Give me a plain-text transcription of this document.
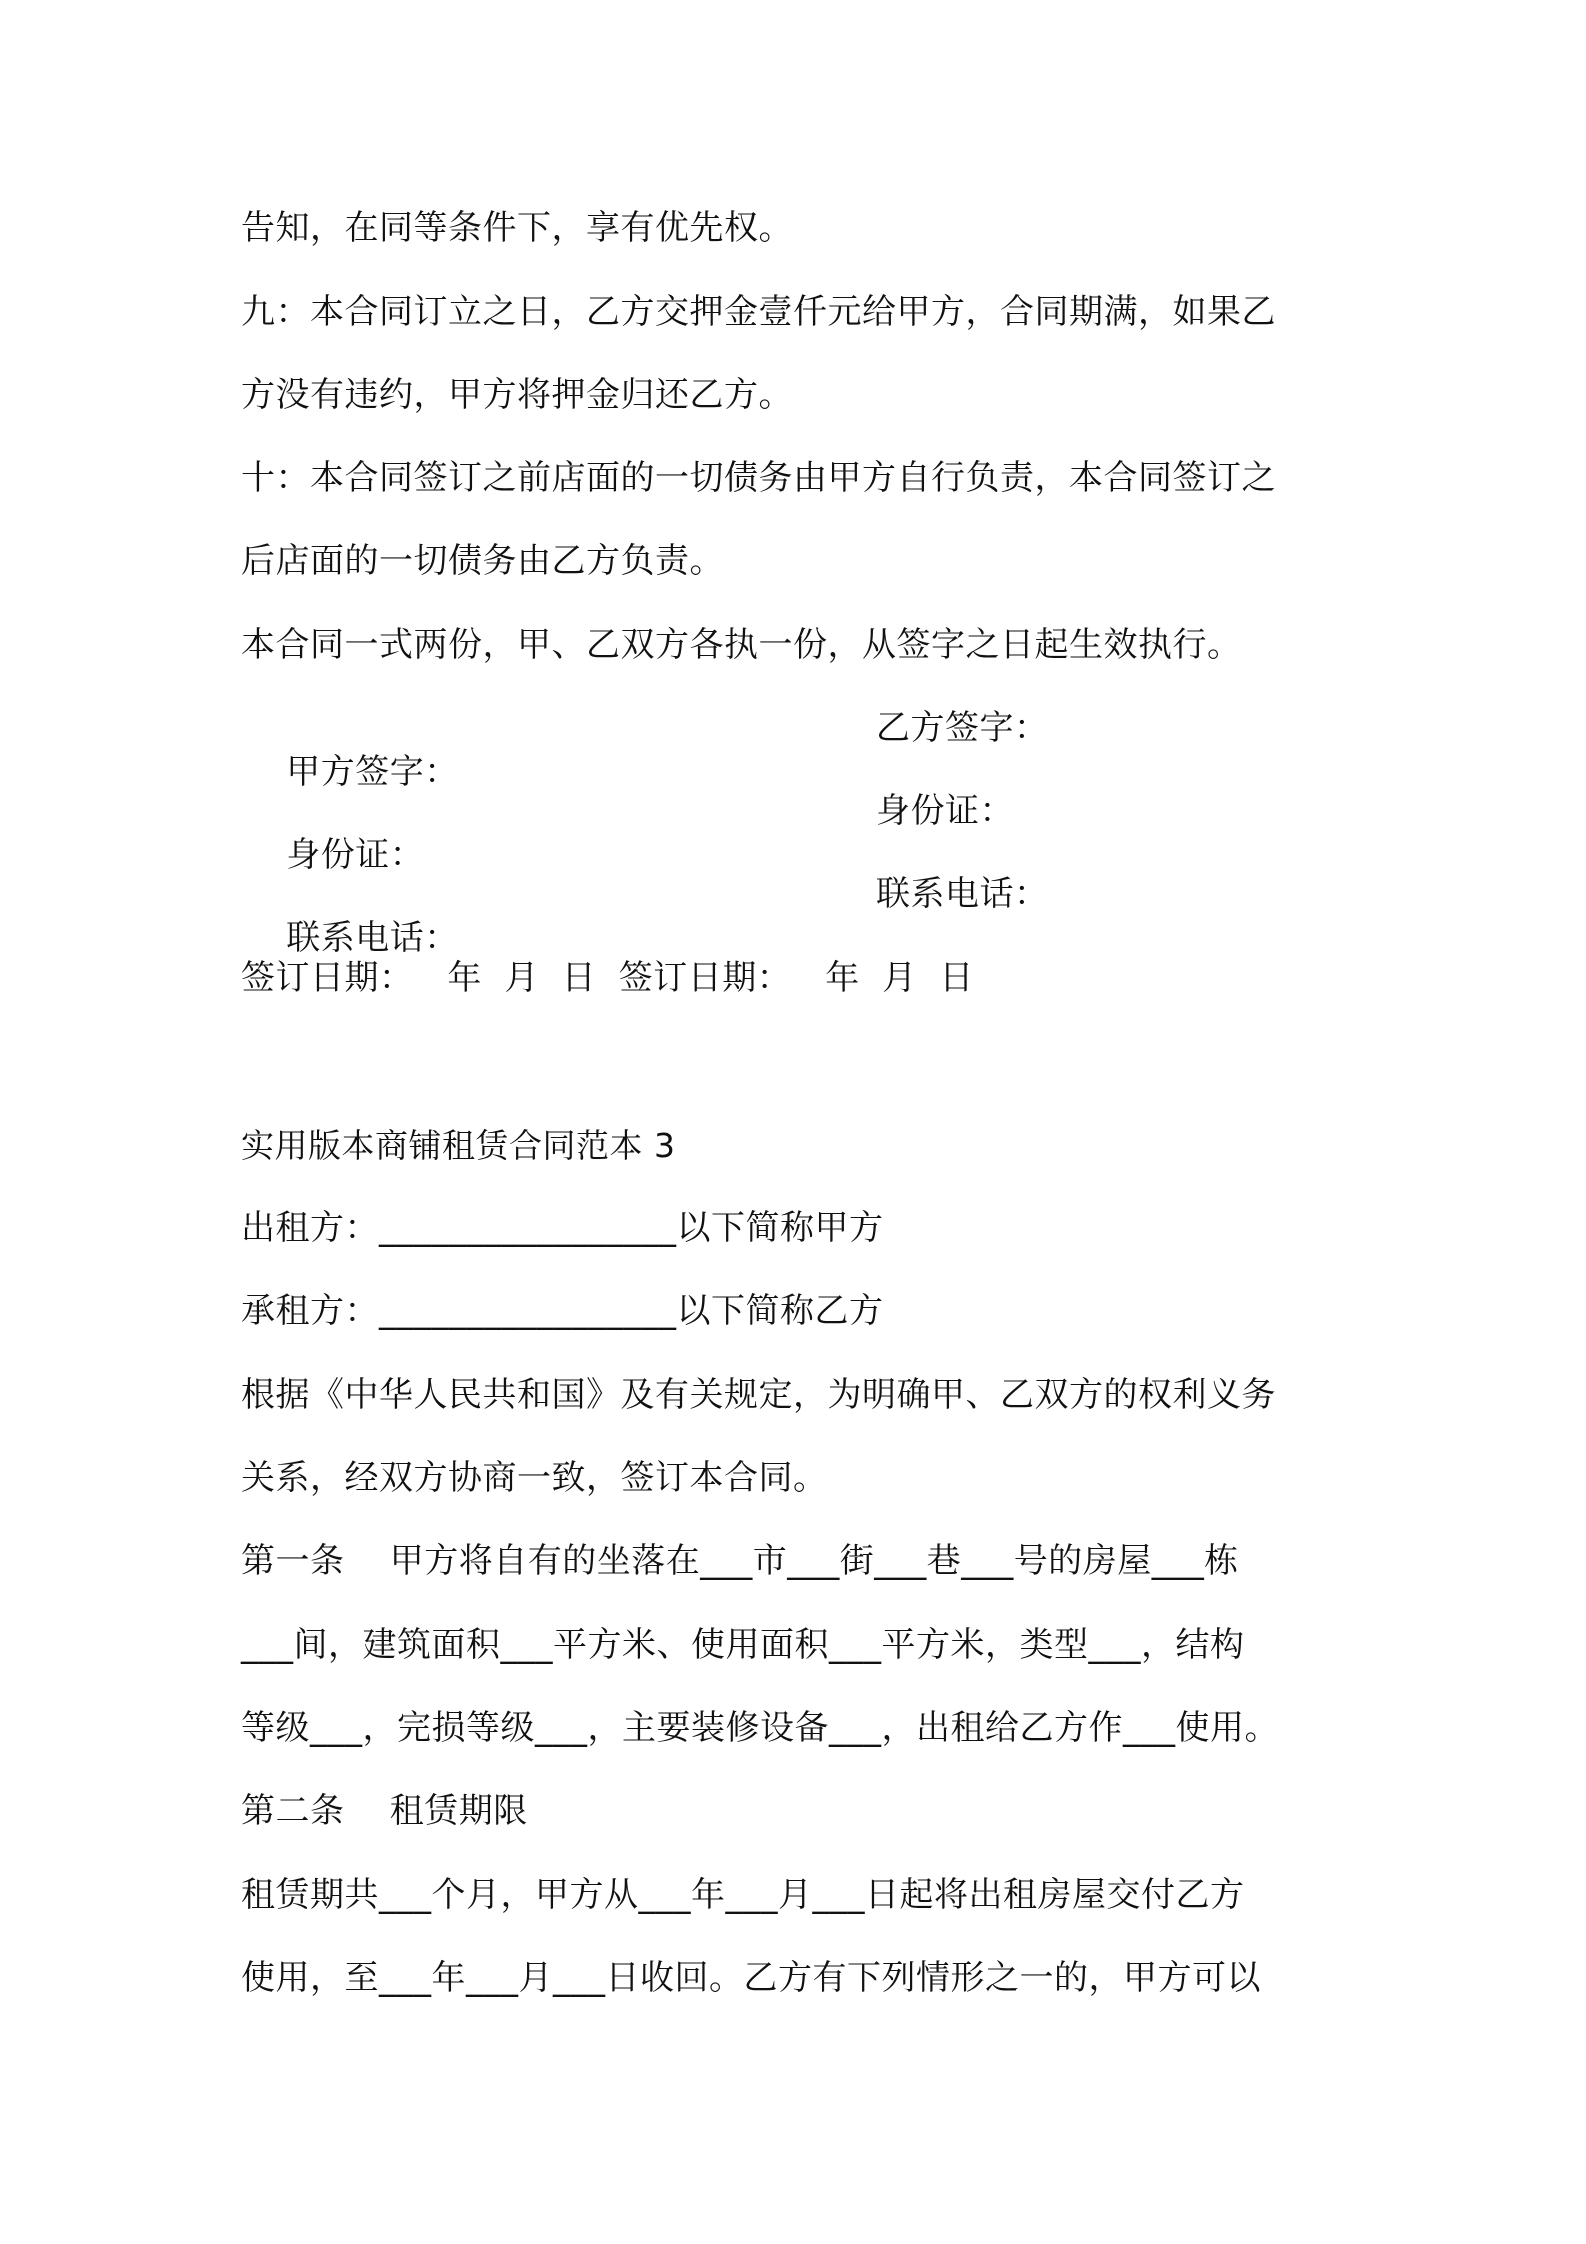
告知，在同等条件下，享有优先权。
九：本合同订立之日，乙方交押金壹仟元给甲方，合同期满，如果乙
方没有违约，甲方将押金归还乙方。
十：本合同签订之前店面的一切债务由甲方自行负责，本合同签订之
后店面的一切债务由乙方负责。
本合同一式两份，甲、乙双方各执一份，从签字之日起生效执行。

甲方签字：

乙方签字：

身份证：

身份证：

联系电话：

联系电话：

签订日期：   年  月  日  签订日期：   年  月  日
实用版本商铺租赁合同范本 3
出租方：_________________以下简称甲方
承租方：_________________以下简称乙方
根据《中华人民共和国》及有关规定，为明确甲、乙双方的权利义务
关系，经双方协商一致，签订本合同。
第一条    甲方将自有的坐落在___市___街___巷___号的房屋___栋
___间，建筑面积___平方米、使用面积___平方米，类型___，结构
等级___，完损等级___，主要装修设备___，出租给乙方作___使用。
第二条    租赁期限
租赁期共___个月，甲方从___年___月___日起将出租房屋交付乙方
使用，至___年___月___日收回。乙方有下列情形之一的，甲方可以
